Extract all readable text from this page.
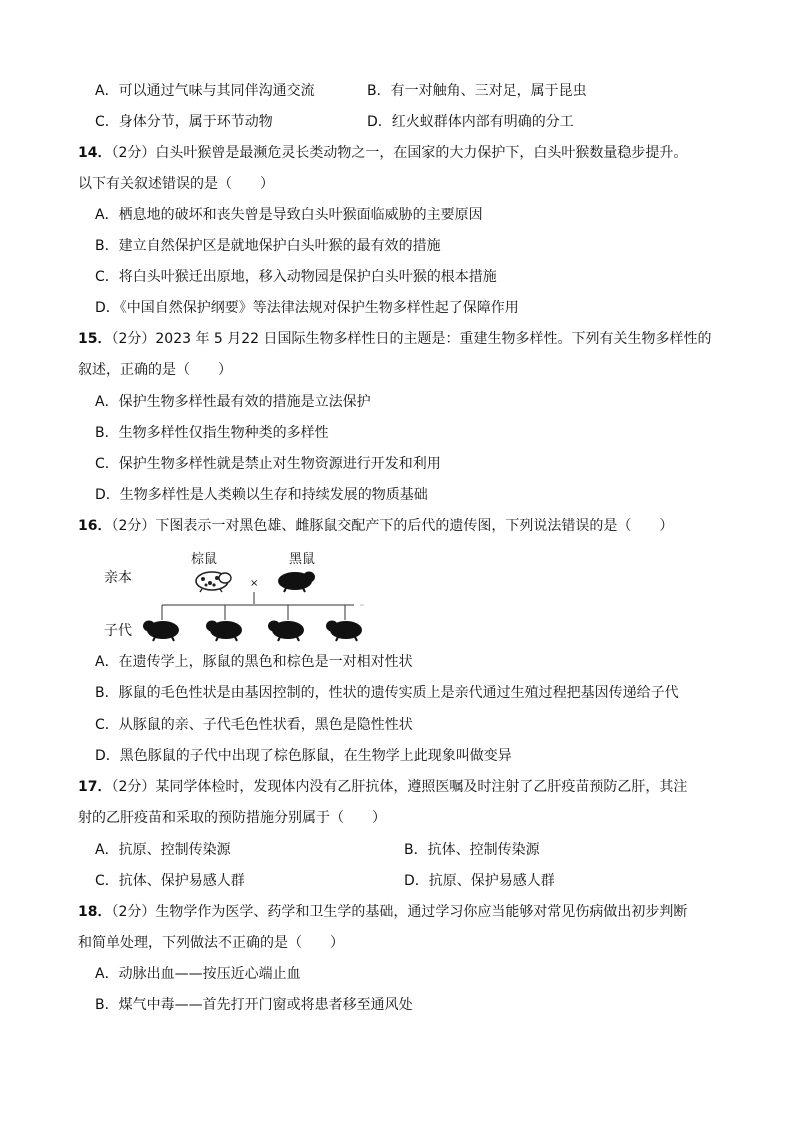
A．可以通过气味与其同伴沟通交流	B．有一对触角、三对足，属于昆虫
C．身体分节，属于环节动物	D．红火蚁群体内部有明确的分工
14．（2分）白头叶猴曾是最濒危灵长类动物之一，在国家的大力保护下，白头叶猴数量稳步提升。
以下有关叙述错误的是（　　）
A．栖息地的破坏和丧失曾是导致白头叶猴面临威胁的主要原因
B．建立自然保护区是就地保护白头叶猴的最有效的措施
C．将白头叶猴迁出原地，移入动物园是保护白头叶猴的根本措施
D．《中国自然保护纲要》等法律法规对保护生物多样性起了保障作用
15．（2分）2023 年 5 月22 日国际生物多样性日的主题是：重建生物多样性。下列有关生物多样性的
叙述，正确的是（　　）
A．保护生物多样性最有效的措施是立法保护
B．生物多样性仅指生物种类的多样性
C．保护生物多样性就是禁止对生物资源进行开发和利用
D．生物多样性是人类赖以生存和持续发展的物质基础
16．（2分）下图表示一对黑色雄、雌豚鼠交配产下的后代的遗传图，下列说法错误的是（　　）
亲本
棕鼠	黑鼠
×
子代
A．在遗传学上，豚鼠的黑色和棕色是一对相对性状
B．豚鼠的毛色性状是由基因控制的，性状的遗传实质上是亲代通过生殖过程把基因传递给子代
C．从豚鼠的亲、子代毛色性状看，黑色是隐性性状
D．黑色豚鼠的子代中出现了棕色豚鼠，在生物学上此现象叫做变异
17．（2分）某同学体检时，发现体内没有乙肝抗体，遵照医嘱及时注射了乙肝疫苗预防乙肝，其注
射的乙肝疫苗和采取的预防措施分别属于（　　）
A．抗原、控制传染源	B．抗体、控制传染源
C．抗体、保护易感人群	D．抗原、保护易感人群
18．（2分）生物学作为医学、药学和卫生学的基础，通过学习你应当能够对常见伤病做出初步判断
和简单处理，下列做法不正确的是（　　）
A．动脉出血——按压近心端止血
B．煤气中毒——首先打开门窗或将患者移至通风处
